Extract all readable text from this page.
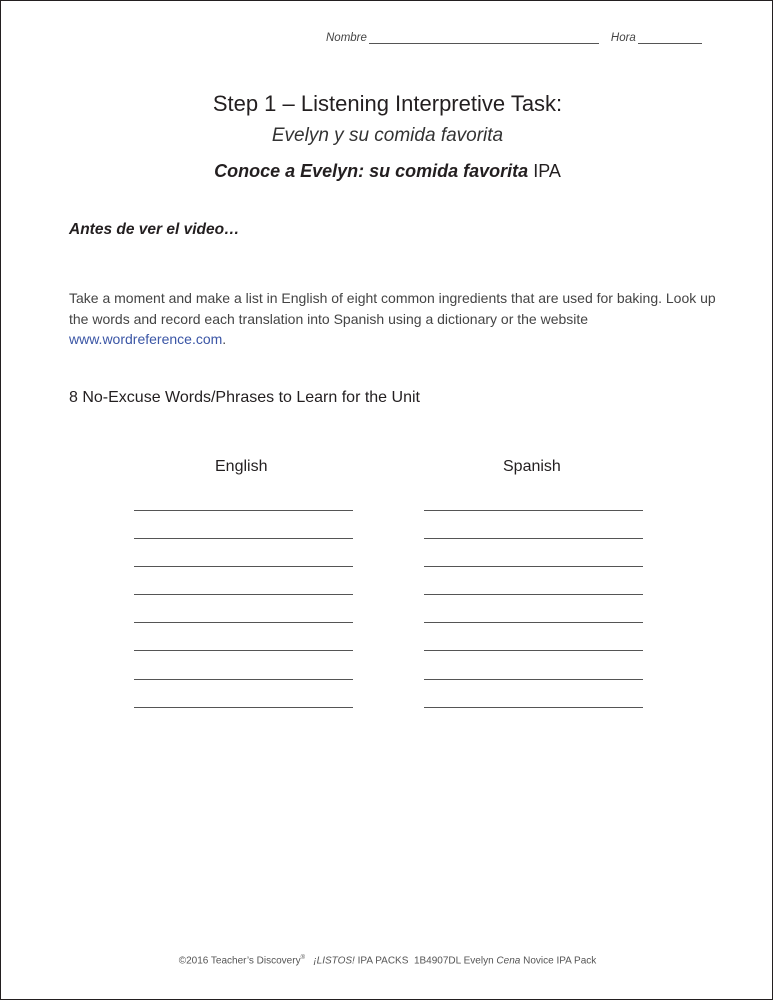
Nombre	Hora
Step 1 – Listening Interpretive Task:
Evelyn y su comida favorita
Conoce a Evelyn: su comida favorita IPA
Antes de ver el video…
Take a moment and make a list in English of eight common ingredients that are used for baking. Look up the words and record each translation into Spanish using a dictionary or the website www.wordreference.com.
8 No-Excuse Words/Phrases to Learn for the Unit
English	Spanish
©2016 Teacher’s Discovery® ¡LISTOS! IPA PACKS 1B4907DL Evelyn Cena Novice IPA Pack
